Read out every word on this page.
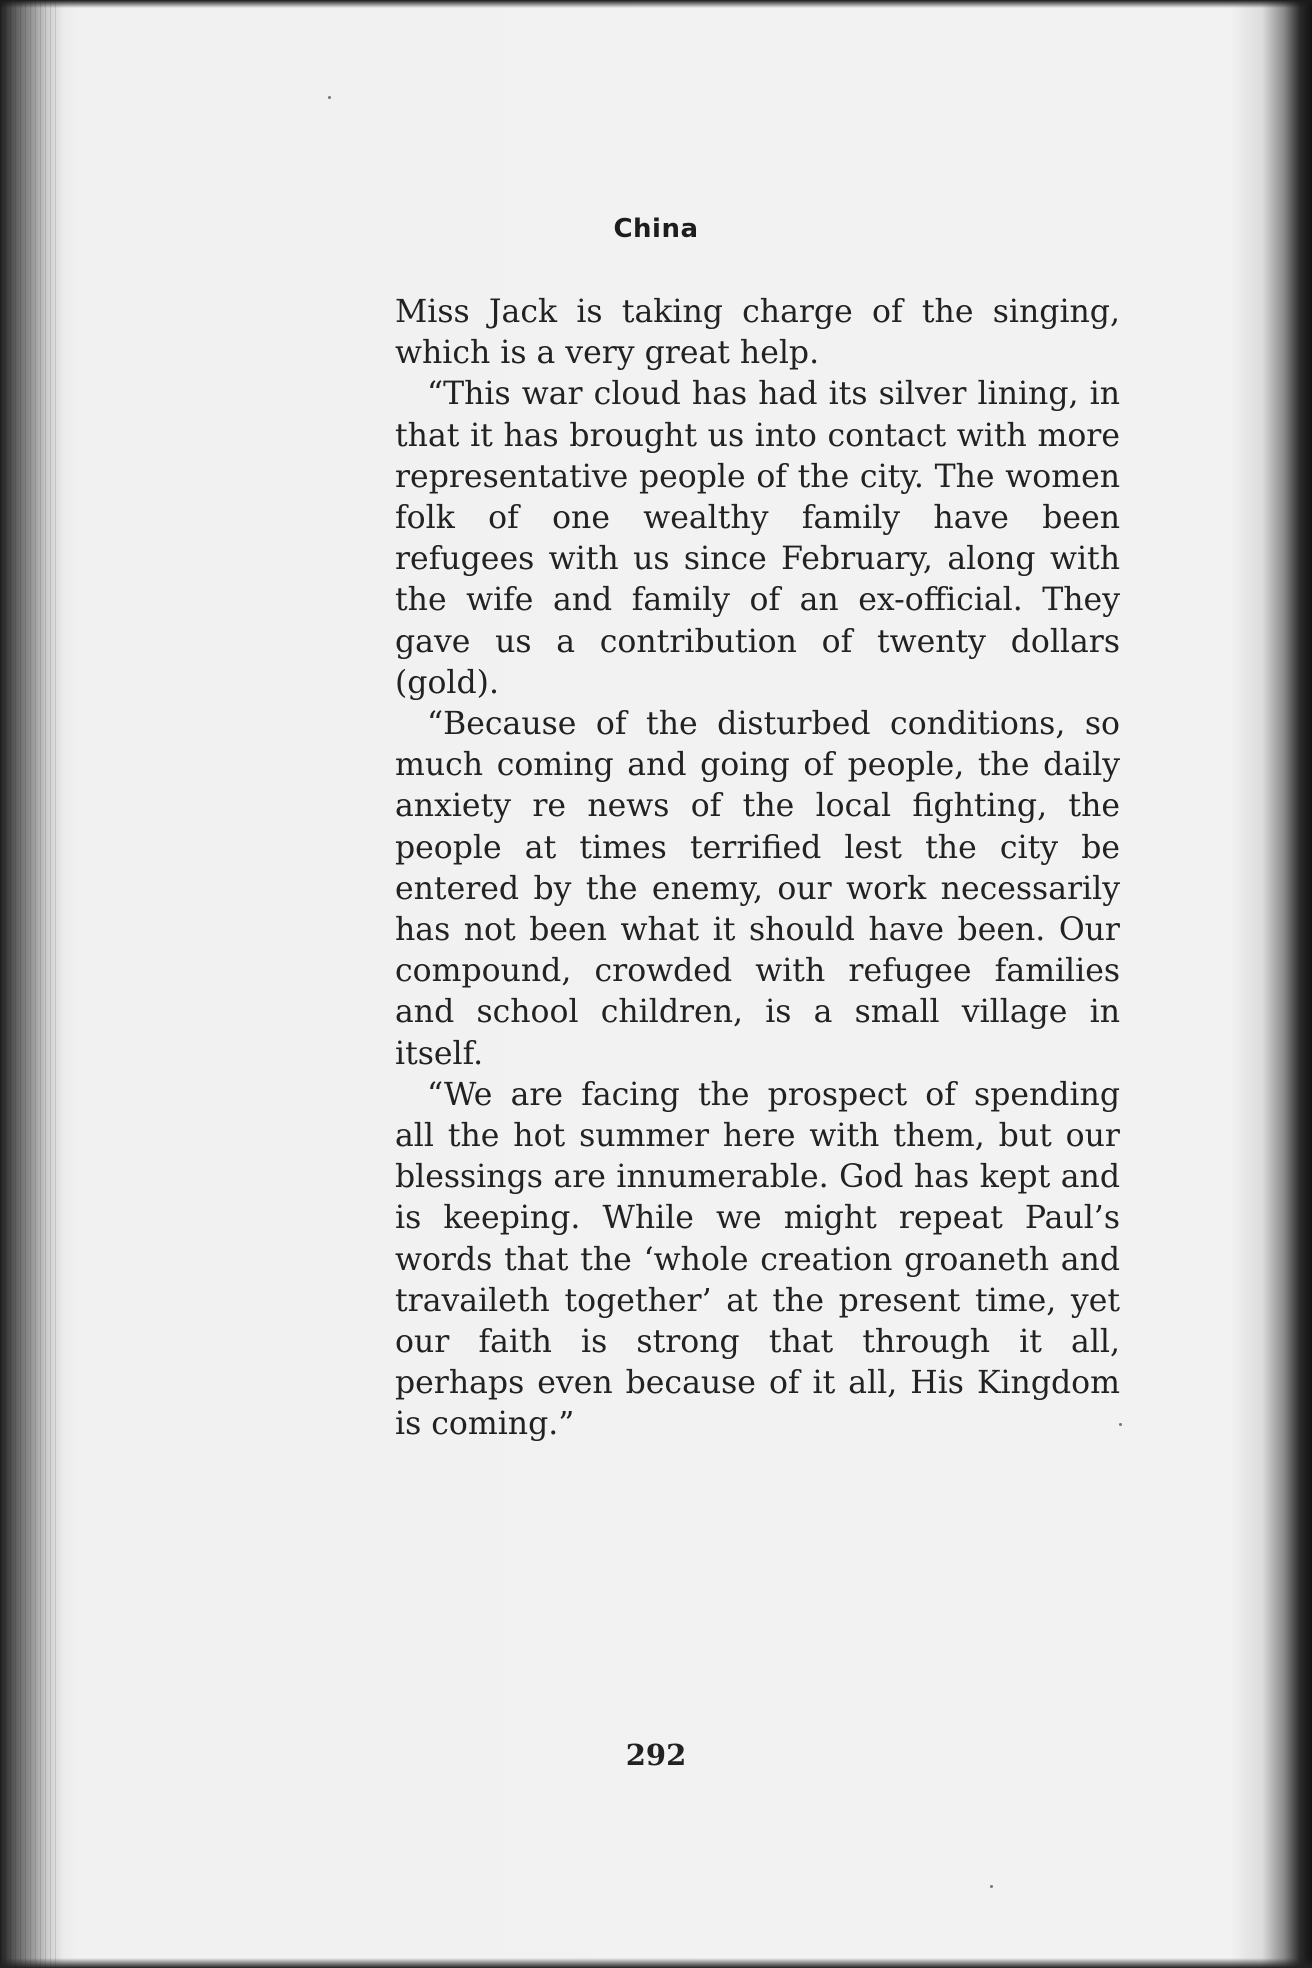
China

Miss Jack is taking charge of the singing, which is a very great help.

“This war cloud has had its silver lining, in that it has brought us into contact with more representative people of the city. The women folk of one wealthy family have been refugees with us since February, along with the wife and family of an ex-official. They gave us a contribution of twenty dollars (gold).

“Because of the disturbed conditions, so much coming and going of people, the daily anxiety re news of the local fighting, the people at times terrified lest the city be entered by the enemy, our work necessarily has not been what it should have been. Our compound, crowded with refugee families and school children, is a small village in itself.

“We are facing the prospect of spending all the hot summer here with them, but our blessings are innumerable. God has kept and is keeping. While we might repeat Paul’s words that the ‘whole creation groaneth and travaileth together’ at the present time, yet our faith is strong that through it all, perhaps even because of it all, His Kingdom is coming.”

292
